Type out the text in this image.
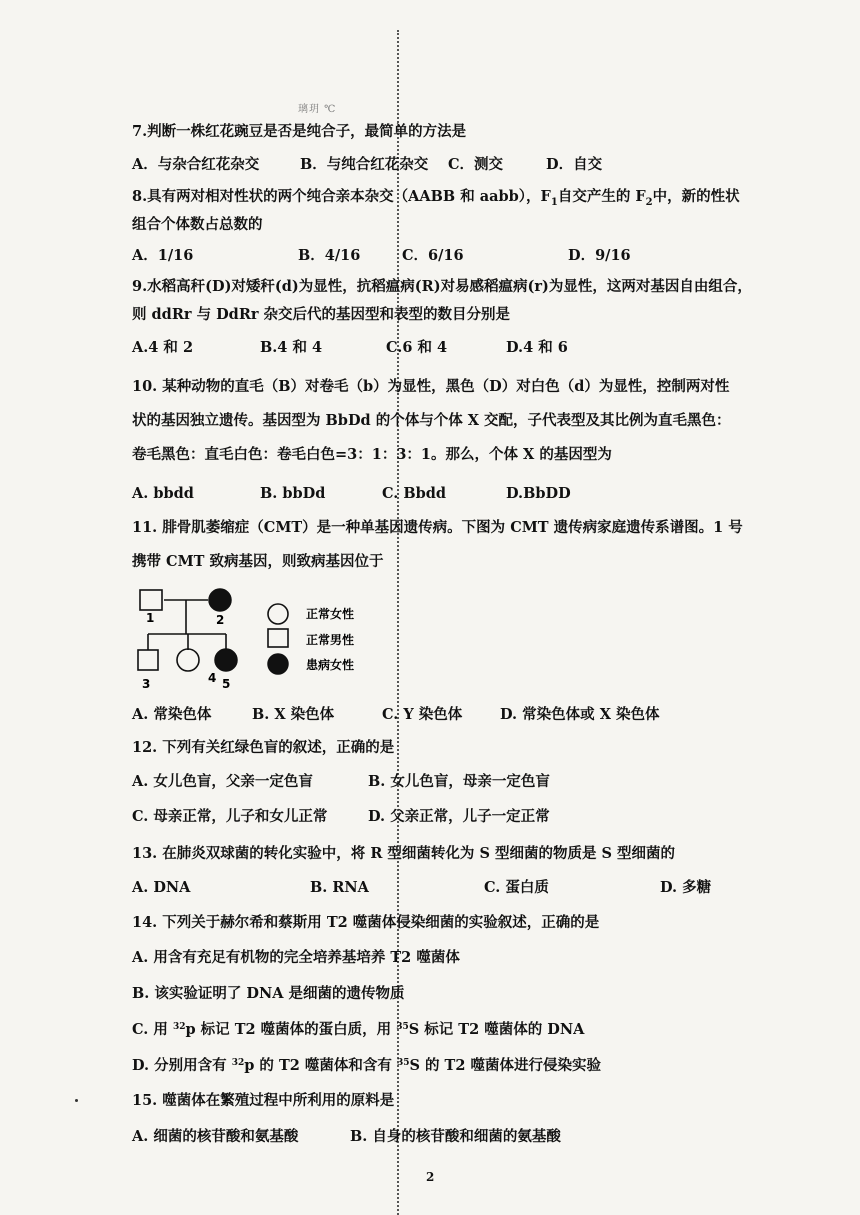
璃玥 ℃
7.判断一株红花豌豆是否是纯合子，最简单的方法是
A．与杂合红花杂交	B．与纯合红花杂交 C．测交	D．自交
8.具有两对相对性状的两个纯合亲本杂交（AABB 和 aabb），$F_1$自交产生的 $F_2$中，新的性状
组合个体数占总数的
A．1/16	B．4/16	C．6/16	D．9/16
9.水稻高秆(D)对矮秆(d)为显性，抗稻瘟病(R)对易感稻瘟病(r)为显性，这两对基因自由组合，
则 ddRr 与 DdRr 杂交后代的基因型和表型的数目分别是
A.4 和 2	B.4 和 4	C.6 和 4	D.4 和 6
10. 某种动物的直毛（B）对卷毛（b）为显性，黑色（D）对白色（d）为显性，控制两对性
状的基因独立遗传。基因型为 BbDd 的个体与个体 X 交配，子代表型及其比例为直毛黑色：
卷毛黑色：直毛白色：卷毛白色=3：1：3：1。那么，个体 X 的基因型为
A. bbdd	B. bbDd	C. Bbdd	D.BbDD
11. 腓骨肌萎缩症（CMT）是一种单基因遗传病。下图为 CMT 遗传病家庭遗传系谱图。1 号
携带 CMT 致病基因，则致病基因位于
1	2
3	4 5
正常女性
正常男性
患病女性
A. 常染色体	B. X 染色体	C. Y 染色体	D. 常染色体或 X 染色体
12. 下列有关红绿色盲的叙述，正确的是
A. 女儿色盲，父亲一定色盲	B. 女儿色盲，母亲一定色盲
C. 母亲正常，儿子和女儿正常	D. 父亲正常，儿子一定正常
13. 在肺炎双球菌的转化实验中，将 R 型细菌转化为 S 型细菌的物质是 S 型细菌的
A. DNA	B. RNA	C. 蛋白质	D. 多糖
14. 下列关于赫尔希和蔡斯用 T2 噬菌体侵染细菌的实验叙述，正确的是
A. 用含有充足有机物的完全培养基培养 T2 噬菌体
B. 该实验证明了 DNA 是细菌的遗传物质
C. 用 $^{32}$p 标记 T2 噬菌体的蛋白质，用 $^{35}$S 标记 T2 噬菌体的 DNA
D. 分别用含有 $^{32}$p 的 T2 噬菌体和含有 $^{35}$S 的 T2 噬菌体进行侵染实验
15. 噬菌体在繁殖过程中所利用的原料是
A. 细菌的核苷酸和氨基酸	B. 自身的核苷酸和细菌的氨基酸
2
